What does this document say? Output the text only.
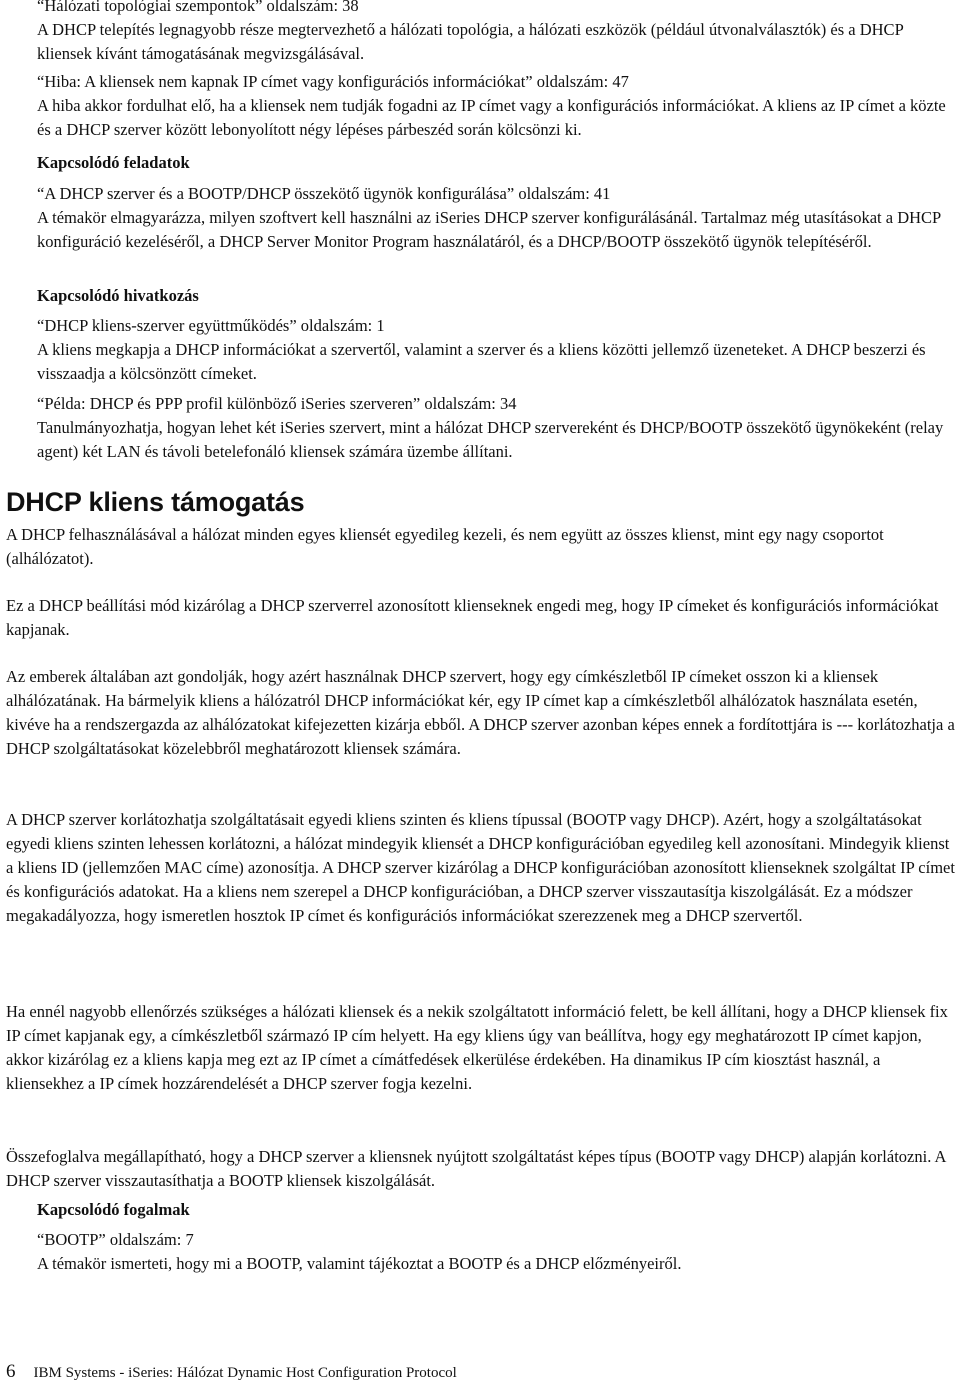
“Hálózati topológiai szempontok” oldalszám: 38
A DHCP telepítés legnagyobb része megtervezhető a hálózati topológia, a hálózati eszközök (például útvonalválasztók) és a DHCP kliensek kívánt támogatásának megvizsgálásával.
“Hiba: A kliensek nem kapnak IP címet vagy konfigurációs információkat” oldalszám: 47
A hiba akkor fordulhat elő, ha a kliensek nem tudják fogadni az IP címet vagy a konfigurációs információkat. A kliens az IP címet a közte és a DHCP szerver között lebonyolított négy lépéses párbeszéd során kölcsönzi ki.
Kapcsolódó feladatok
“A DHCP szerver és a BOOTP/DHCP összekötő ügynök konfigurálása” oldalszám: 41
A témakör elmagyarázza, milyen szoftvert kell használni az iSeries DHCP szerver konfigurálásánál. Tartalmaz még utasításokat a DHCP konfiguráció kezeléséről, a DHCP Server Monitor Program használatáról, és a DHCP/BOOTP összekötő ügynök telepítéséről.
Kapcsolódó hivatkozás
“DHCP kliens-szerver együttműködés” oldalszám: 1
A kliens megkapja a DHCP információkat a szervertől, valamint a szerver és a kliens közötti jellemző üzeneteket. A DHCP beszerzi és visszaadja a kölcsönzött címeket.
“Példa: DHCP és PPP profil különböző iSeries szerveren” oldalszám: 34
Tanulmányozhatja, hogyan lehet két iSeries szervert, mint a hálózat DHCP szervereként és DHCP/BOOTP összekötő ügynökeként (relay agent) két LAN és távoli betelefonáló kliensek számára üzembe állítani.
DHCP kliens támogatás

A DHCP felhasználásával a hálózat minden egyes kliensét egyedileg kezeli, és nem együtt az összes klienst, mint egy nagy csoportot (alhálózatot).

Ez a DHCP beállítási mód kizárólag a DHCP szerverrel azonosított klienseknek engedi meg, hogy IP címeket és konfigurációs információkat kapjanak.

Az emberek általában azt gondolják, hogy azért használnak DHCP szervert, hogy egy címkészletből IP címeket osszon ki a kliensek alhálózatának. Ha bármelyik kliens a hálózatról DHCP információkat kér, egy IP címet kap a címkészletből alhálózatok használata esetén, kivéve ha a rendszergazda az alhálózatokat kifejezetten kizárja ebből. A DHCP szerver azonban képes ennek a fordítottjára is --- korlátozhatja a DHCP szolgáltatásokat közelebbről meghatározott kliensek számára.

A DHCP szerver korlátozhatja szolgáltatásait egyedi kliens szinten és kliens típussal (BOOTP vagy DHCP). Azért, hogy a szolgáltatásokat egyedi kliens szinten lehessen korlátozni, a hálózat mindegyik kliensét a DHCP konfigurációban egyedileg kell azonosítani. Mindegyik klienst a kliens ID (jellemzően MAC címe) azonosítja. A DHCP szerver kizárólag a DHCP konfigurációban azonosított klienseknek szolgáltat IP címet és konfigurációs adatokat. Ha a kliens nem szerepel a DHCP konfigurációban, a DHCP szerver visszautasítja kiszolgálását. Ez a módszer megakadályozza, hogy ismeretlen hosztok IP címet és konfigurációs információkat szerezzenek meg a DHCP szervertől.

Ha ennél nagyobb ellenőrzés szükséges a hálózati kliensek és a nekik szolgáltatott információ felett, be kell állítani, hogy a DHCP kliensek fix IP címet kapjanak egy, a címkészletből származó IP cím helyett. Ha egy kliens úgy van beállítva, hogy egy meghatározott IP címet kapjon, akkor kizárólag ez a kliens kapja meg ezt az IP címet a címátfedések elkerülése érdekében. Ha dinamikus IP cím kiosztást használ, a kliensekhez a IP címek hozzárendelését a DHCP szerver fogja kezelni.

Összefoglalva megállapítható, hogy a DHCP szerver a kliensnek nyújtott szolgáltatást képes típus (BOOTP vagy DHCP) alapján korlátozni. A DHCP szerver visszautasíthatja a BOOTP kliensek kiszolgálását.

Kapcsolódó fogalmak
“BOOTP” oldalszám: 7
A témakör ismerteti, hogy mi a BOOTP, valamint tájékoztat a BOOTP és a DHCP előzményeiről.
6 IBM Systems - iSeries: Hálózat Dynamic Host Configuration Protocol
